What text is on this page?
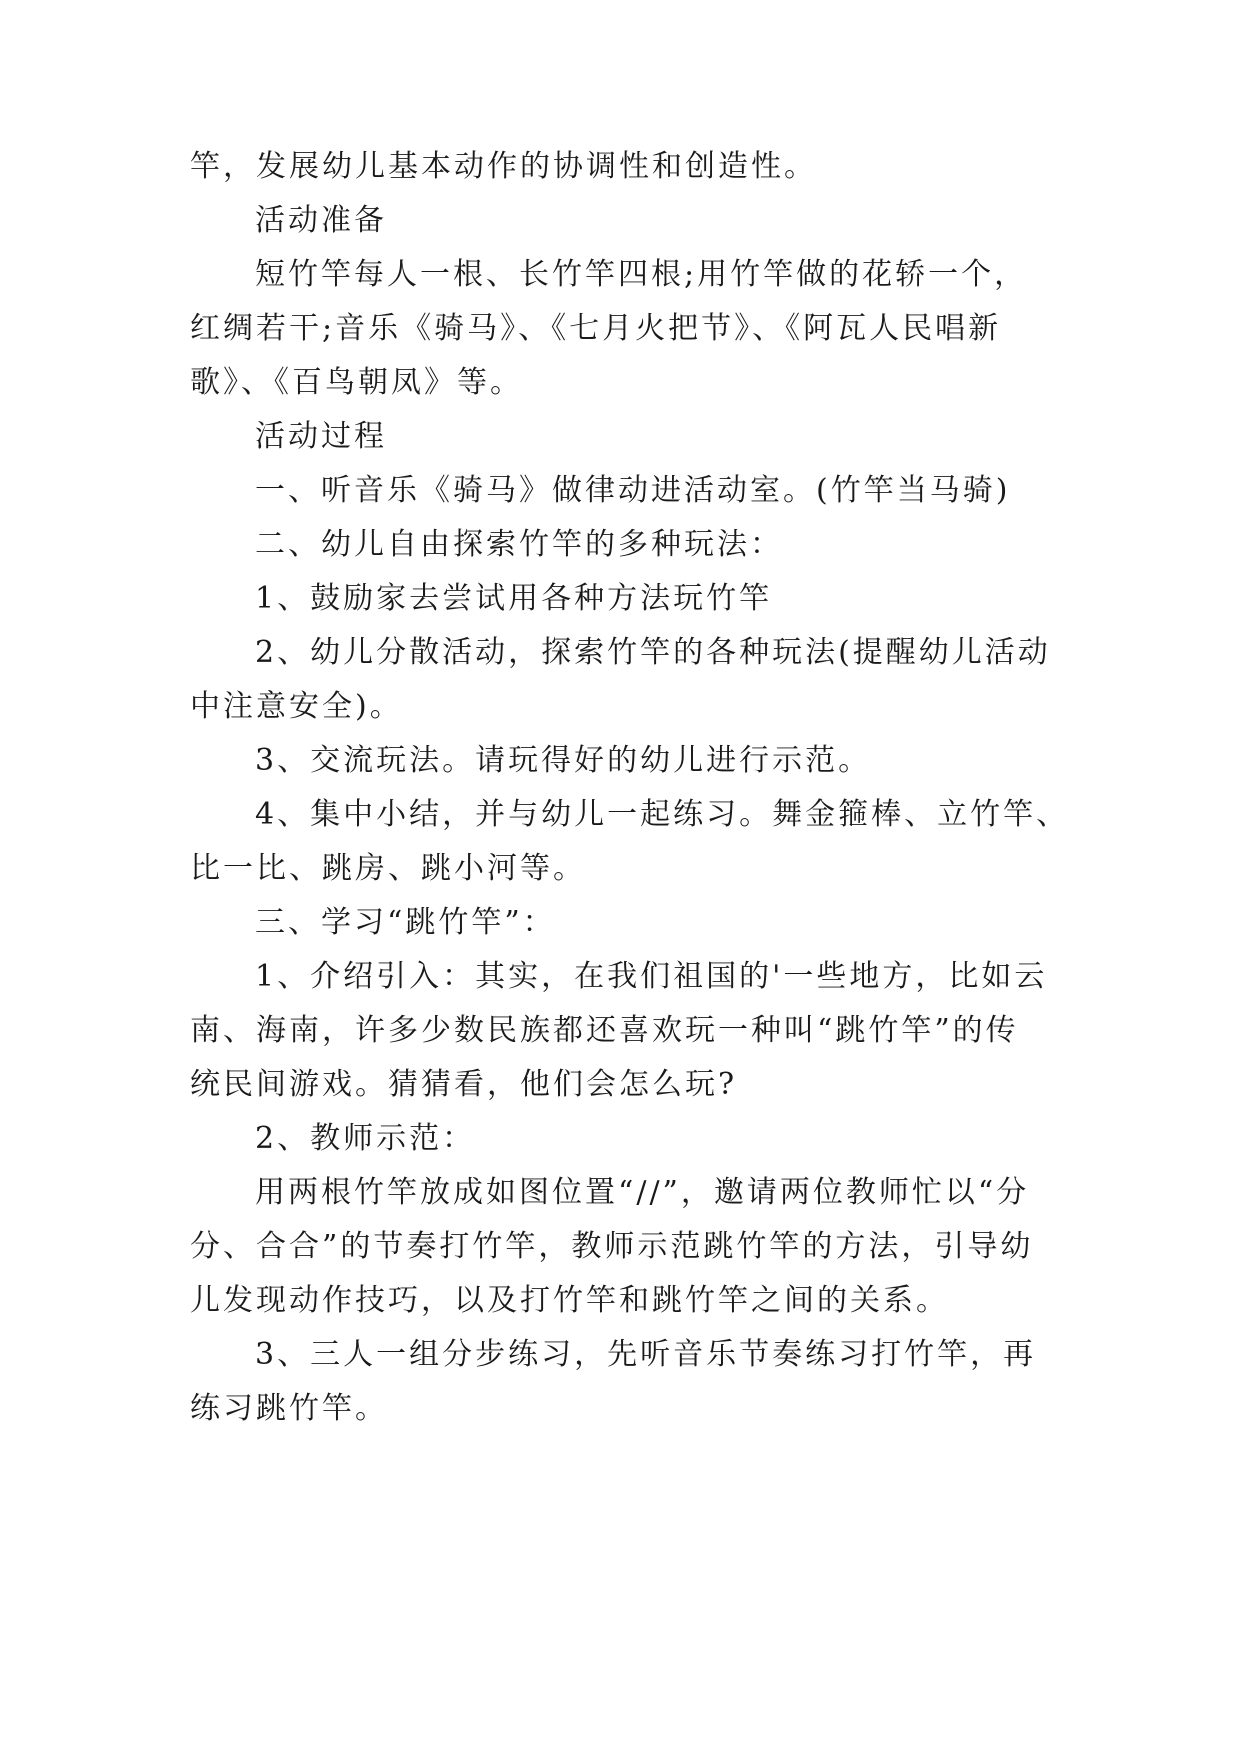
竿，发展幼儿基本动作的协调性和创造性。
活动准备
短竹竿每人一根、长竹竿四根;用竹竿做的花轿一个，
红绸若干;音乐《骑马》、《七月火把节》、《阿瓦人民唱新
歌》、《百鸟朝凤》等。
活动过程
一、听音乐《骑马》做律动进活动室。(竹竿当马骑)
二、幼儿自由探索竹竿的多种玩法：
1、鼓励家去尝试用各种方法玩竹竿
2、幼儿分散活动，探索竹竿的各种玩法(提醒幼儿活动
中注意安全)。
3、交流玩法。请玩得好的幼儿进行示范。
4、集中小结，并与幼儿一起练习。舞金箍棒、立竹竿、
比一比、跳房、跳小河等。
三、学习“跳竹竿”：
1、介绍引入：其实，在我们祖国的'一些地方，比如云
南、海南，许多少数民族都还喜欢玩一种叫“跳竹竿”的传
统民间游戏。猜猜看，他们会怎么玩?
2、教师示范：
用两根竹竿放成如图位置“//”，邀请两位教师忙以“分
分、合合”的节奏打竹竿，教师示范跳竹竿的方法，引导幼
儿发现动作技巧，以及打竹竿和跳竹竿之间的关系。
3、三人一组分步练习，先听音乐节奏练习打竹竿，再
练习跳竹竿。
